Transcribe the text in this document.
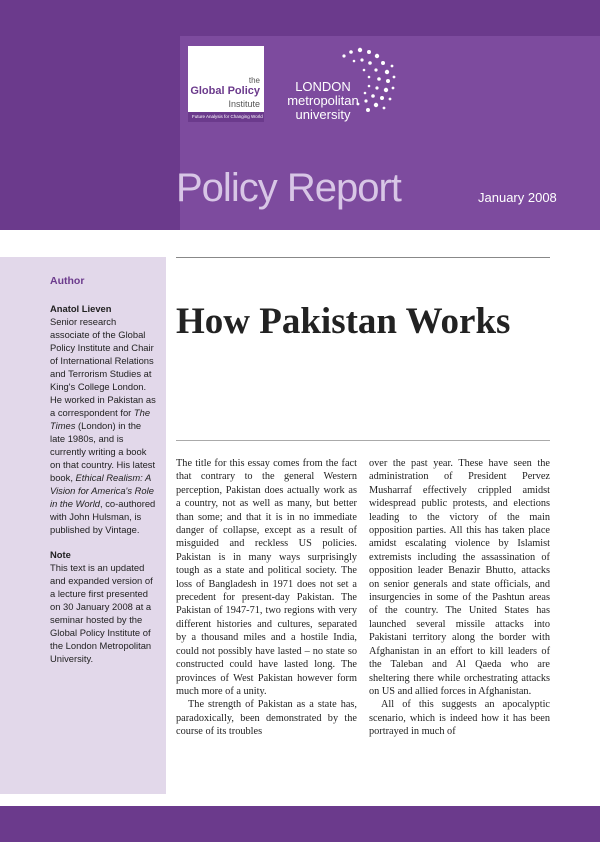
the
Global Policy
Institute
Future Analysis for Changing World
LONDON
metropolitan
university
Policy Report	January 2008
Author
Anatol Lieven

Senior research associate of the Global Policy Institute and Chair of International Relations and Terrorism Studies at King's College London. He worked in Pakistan as a correspondent for The Times (London) in the late 1980s, and is currently writing a book on that country. His latest book, Ethical Realism: A Vision for America's Role in the World, co-authored with John Hulsman, is published by Vintage.

Note

This text is an updated and expanded version of a lecture first presented on 30 January 2008 at a seminar hosted by the Global Policy Institute of the London Metropolitan University.

How Pakistan Works

The title for this essay comes from the fact that contrary to the general Western perception, Pakistan does actually work as a country, not as well as many, but better than some; and that it is in no immediate danger of collapse, except as a result of misguided and reckless US policies. Pakistan is in many ways surprisingly tough as a state and political society. The loss of Bangladesh in 1971 does not set a precedent for present-day Pakistan. The Pakistan of 1947-71, two regions with very different histories and cultures, separated by a thousand miles and a hostile India, could not possibly have lasted – no state so constructed could have lasted long. The provinces of West Pakistan however form much more of a unity.

The strength of Pakistan as a state has, paradoxically, been demonstrated by the course of its troubles

over the past year. These have seen the administration of President Pervez Musharraf effectively crippled amidst widespread public protests, and elections leading to the victory of the main opposition parties. All this has taken place amidst escalating violence by Islamist extremists including the assassination of opposition leader Benazir Bhutto, attacks on senior generals and state officials, and insurgencies in some of the Pashtun areas of the country. The United States has launched several missile attacks into Pakistani territory along the border with Afghanistan in an effort to kill leaders of the Taleban and Al Qaeda who are sheltering there while orchestrating attacks on US and allied forces in Afghanistan.

All of this suggests an apocalyptic scenario, which is indeed how it has been portrayed in much of
